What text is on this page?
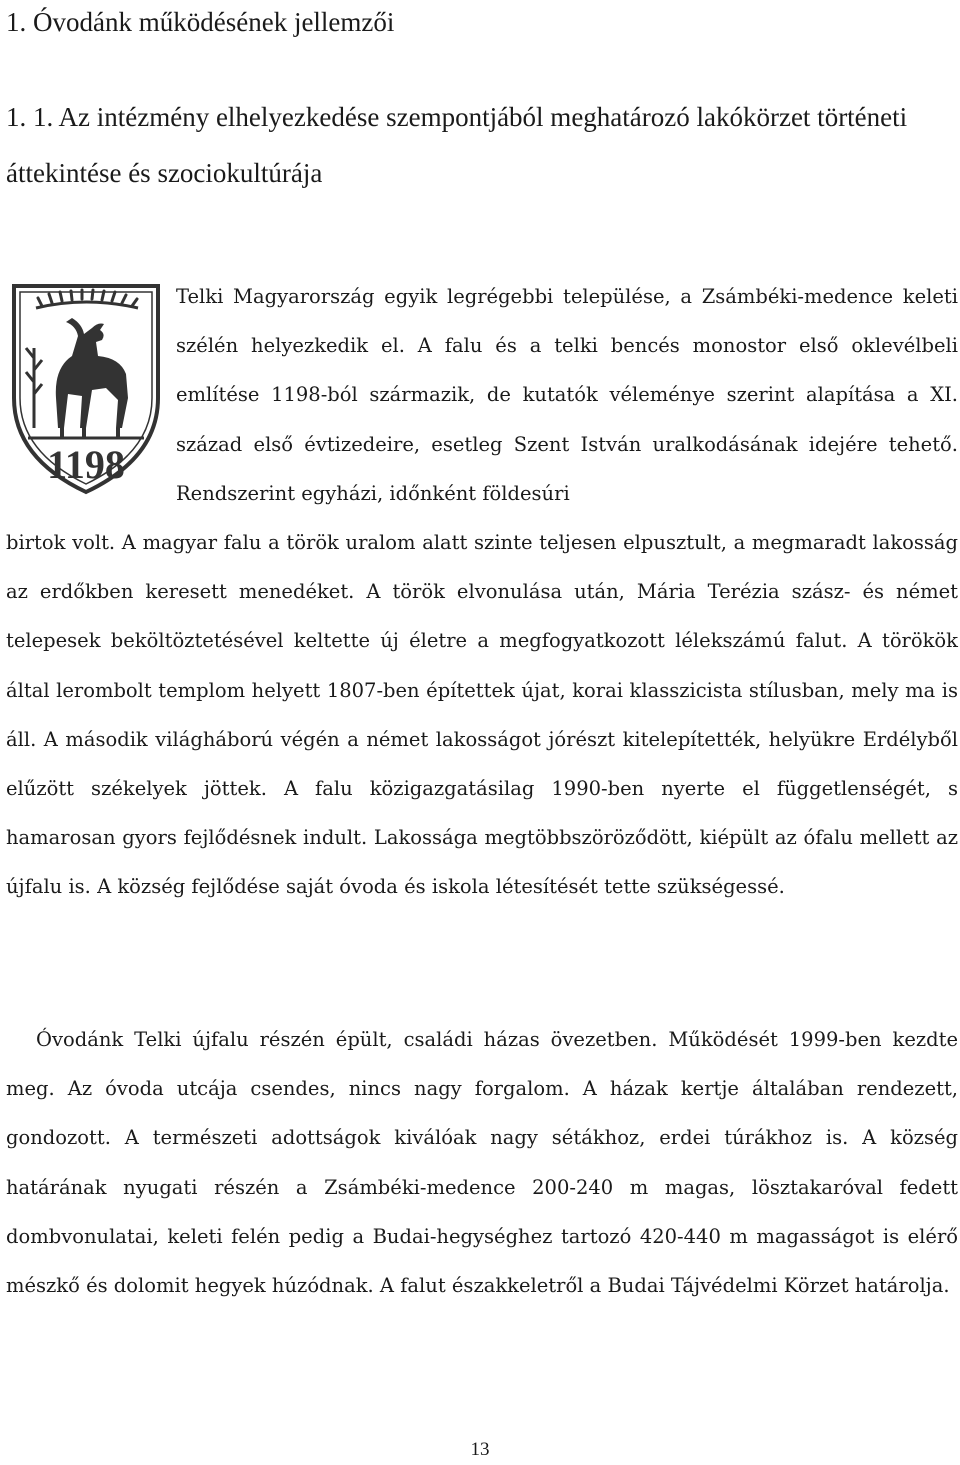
1. Óvodánk működésének jellemzői
1. 1. Az intézmény elhelyezkedése szempontjából meghatározó lakókörzet történeti áttekintése és szociokultúrája
1198

Telki Magyarország egyik legrégebbi települése, a Zsámbéki-medence keleti szélén helyezkedik el. A falu és a telki bencés monostor első oklevélbeli említése 1198-ból származik, de kutatók véleménye szerint alapítása a XI. század első évtizedeire, esetleg Szent István uralkodásának idejére tehető. Rendszerint egyházi, időnként földesúri

birtok volt. A magyar falu a török uralom alatt szinte teljesen elpusztult, a megmaradt lakosság az erdőkben keresett menedéket. A török elvonulása után, Mária Terézia szász- és német telepesek beköltöztetésével keltette új életre a megfogyatkozott lélekszámú falut. A törökök által lerombolt templom helyett 1807-ben építettek újat, korai klasszicista stílusban, mely ma is áll. A második világháború végén a német lakosságot jórészt kitelepítették, helyükre Erdélyből elűzött székelyek jöttek. A falu közigazgatásilag 1990-ben nyerte el függetlenségét, s hamarosan gyors fejlődésnek indult. Lakossága megtöbbszöröződött, kiépült az ófalu mellett az újfalu is. A község fejlődése saját óvoda és iskola létesítését tette szükségessé.

Óvodánk Telki újfalu részén épült, családi házas övezetben. Működését 1999-ben kezdte meg. Az óvoda utcája csendes, nincs nagy forgalom. A házak kertje általában rendezett, gondozott. A természeti adottságok kiválóak nagy sétákhoz, erdei túrákhoz is. A község határának nyugati részén a Zsámbéki-medence 200-240 m magas, lösztakaróval fedett dombvonulatai, keleti felén pedig a Budai-hegységhez tartozó 420-440 m magasságot is elérő mészkő és dolomit hegyek húzódnak. A falut északkeletről a Budai Tájvédelmi Körzet határolja.

13
